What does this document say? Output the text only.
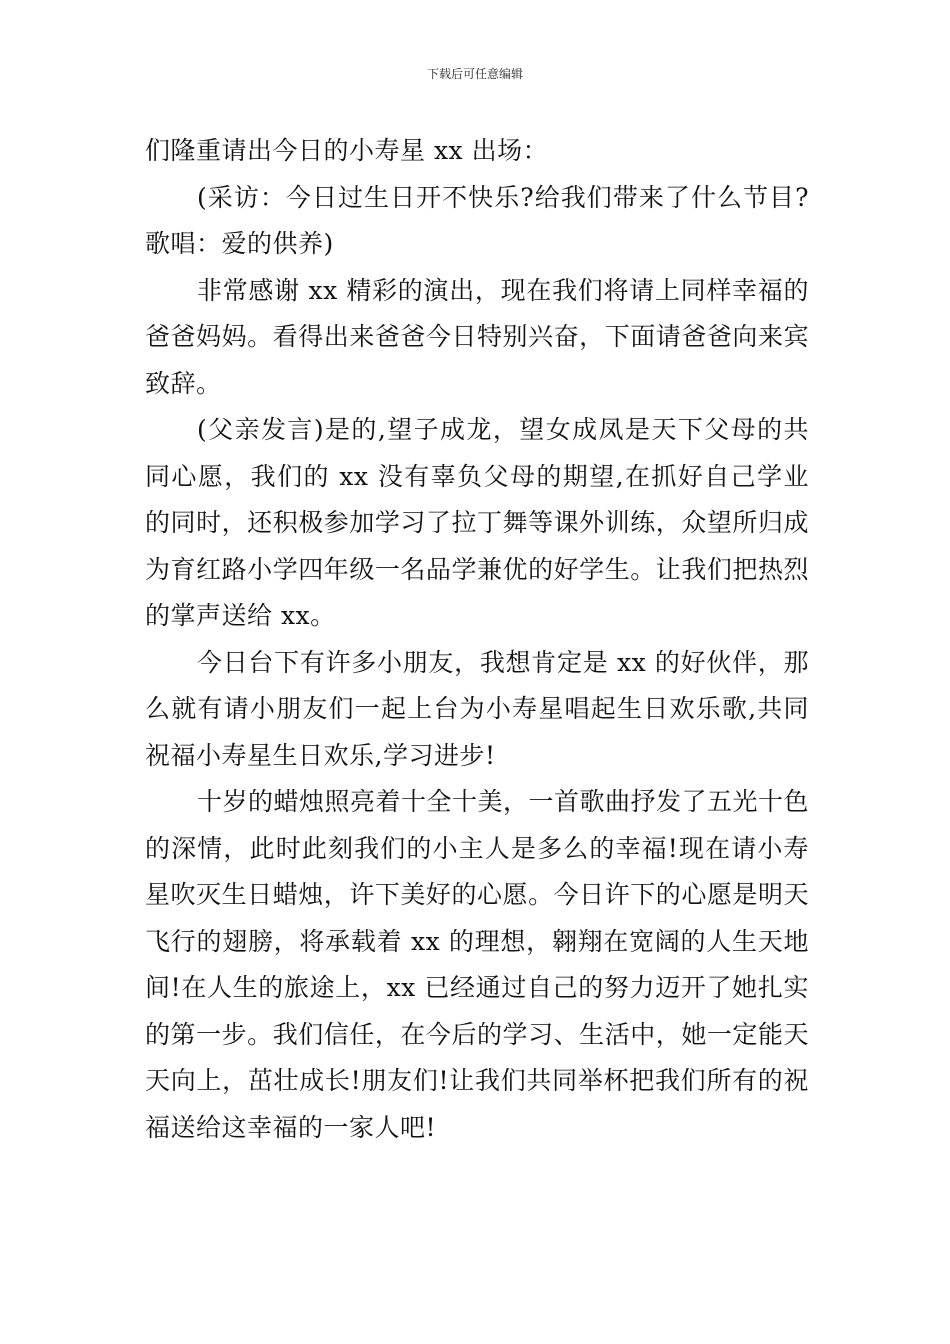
下载后可任意编辑

们隆重请出今日的小寿星 xx 出场：

(采访：今日过生日开不快乐?给我们带来了什么节目?歌唱：爱的供养)

非常感谢 xx 精彩的演出，现在我们将请上同样幸福的爸爸妈妈。看得出来爸爸今日特别兴奋，下面请爸爸向来宾致辞。

(父亲发言)是的,望子成龙，望女成凤是天下父母的共同心愿，我们的 xx 没有辜负父母的期望,在抓好自己学业的同时，还积极参加学习了拉丁舞等课外训练，众望所归成为育红路小学四年级一名品学兼优的好学生。让我们把热烈的掌声送给 xx。

今日台下有许多小朋友，我想肯定是 xx 的好伙伴，那么就有请小朋友们一起上台为小寿星唱起生日欢乐歌,共同祝福小寿星生日欢乐,学习进步!

十岁的蜡烛照亮着十全十美，一首歌曲抒发了五光十色的深情，此时此刻我们的小主人是多么的幸福!现在请小寿星吹灭生日蜡烛，许下美好的心愿。今日许下的心愿是明天飞行的翅膀，将承载着 xx 的理想，翱翔在宽阔的人生天地间!在人生的旅途上，xx 已经通过自己的努力迈开了她扎实的第一步。我们信任，在今后的学习、生活中，她一定能天天向上，茁壮成长!朋友们!让我们共同举杯把我们所有的祝福送给这幸福的一家人吧!
